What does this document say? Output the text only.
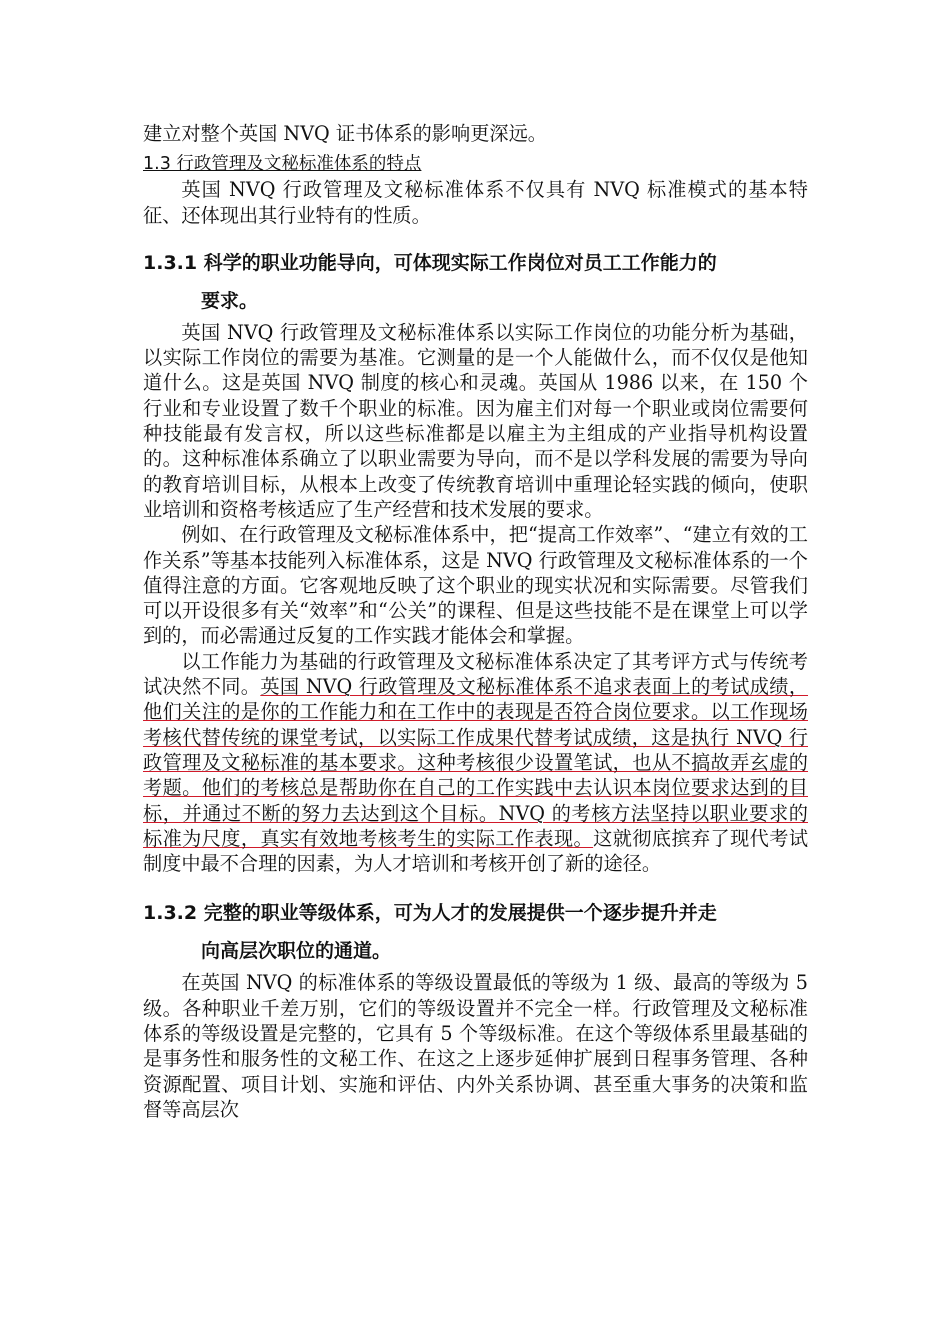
建立对整个英国 NVQ 证书体系的影响更深远。

1.3 行政管理及文秘标准体系的特点

英国 NVQ 行政管理及文秘标准体系不仅具有 NVQ 标准模式的基本特征、还体现出其行业特有的性质。

1.3.1 科学的职业功能导向，可体现实际工作岗位对员工工作能力的
要求。

英国 NVQ 行政管理及文秘标准体系以实际工作岗位的功能分析为基础，以实际工作岗位的需要为基准。它测量的是一个人能做什么，而不仅仅是他知道什么。这是英国 NVQ 制度的核心和灵魂。英国从 1986 以来，在 150 个行业和专业设置了数千个职业的标准。因为雇主们对每一个职业或岗位需要何种技能最有发言权，所以这些标准都是以雇主为主组成的产业指导机构设置的。这种标准体系确立了以职业需要为导向，而不是以学科发展的需要为导向的教育培训目标，从根本上改变了传统教育培训中重理论轻实践的倾向，使职业培训和资格考核适应了生产经营和技术发展的要求。

例如、在行政管理及文秘标准体系中，把“提高工作效率”、“建立有效的工作关系”等基本技能列入标准体系，这是 NVQ 行政管理及文秘标准体系的一个值得注意的方面。它客观地反映了这个职业的现实状况和实际需要。尽管我们可以开设很多有关“效率”和“公关”的课程、但是这些技能不是在课堂上可以学到的，而必需通过反复的工作实践才能体会和掌握。

以工作能力为基础的行政管理及文秘标准体系决定了其考评方式与传统考试决然不同。英国 NVQ 行政管理及文秘标准体系不追求表面上的考试成绩，他们关注的是你的工作能力和在工作中的表现是否符合岗位要求。以工作现场考核代替传统的课堂考试，以实际工作成果代替考试成绩，这是执行 NVQ 行政管理及文秘标准的基本要求。这种考核很少设置笔试，也从不搞故弄玄虚的考题。他们的考核总是帮助你在自己的工作实践中去认识本岗位要求达到的目标，并通过不断的努力去达到这个目标。NVQ 的考核方法坚持以职业要求的标准为尺度，真实有效地考核考生的实际工作表现。这就彻底摈弃了现代考试制度中最不合理的因素，为人才培训和考核开创了新的途径。

1.3.2 完整的职业等级体系，可为人才的发展提供一个逐步提升并走
向高层次职位的通道。

在英国 NVQ 的标准体系的等级设置最低的等级为 1 级、最高的等级为 5 级。各种职业千差万别，它们的等级设置并不完全一样。行政管理及文秘标准体系的等级设置是完整的，它具有 5 个等级标准。在这个等级体系里最基础的是事务性和服务性的文秘工作、在这之上逐步延伸扩展到日程事务管理、各种资源配置、项目计划、实施和评估、内外关系协调、甚至重大事务的决策和监督等高层次
